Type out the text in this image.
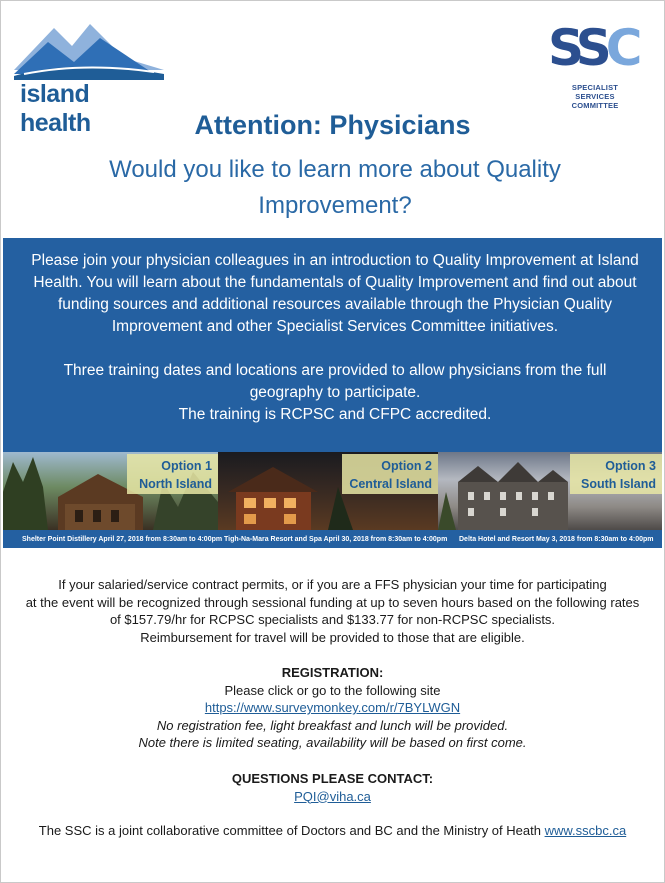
island health
SSC
SPECIALIST SERVICES
COMMITTEE
Attention: Physicians
Would you like to learn more about Quality Improvement?

Please join your physician colleagues in an introduction to Quality Improvement at Island Health. You will learn about the fundamentals of Quality Improvement and find out about funding sources and additional resources available through the Physician Quality Improvement and other Specialist Services Committee initiatives.

Three training dates and locations are provided to allow physicians from the full geography to participate.

The training is RCPSC and CFPC accredited.

Option 1
North Island
Option 2
Central Island
Option 3
South Island
Shelter Point Distillery April 27, 2018 from 8:30am to 4:00pm Tigh-Na-Mara Resort and Spa April 30, 2018 from 8:30am to 4:00pm Delta Hotel and Resort May 3, 2018 from 8:30am to 4:00pm
If your salaried/service contract permits, or if you are a FFS physician your time for participating
at the event will be recognized through sessional funding at up to seven hours based on the following rates
of $157.79/hr for RCPSC specialists and $133.77 for non-RCPSC specialists.
Reimbursement for travel will be provided to those that are eligible.
REGISTRATION:
Please click or go to the following site
https://www.surveymonkey.com/r/7BYLWGN
No registration fee, light breakfast and lunch will be provided.
Note there is limited seating, availability will be based on first come.
QUESTIONS PLEASE CONTACT:
PQI@viha.ca
The SSC is a joint collaborative committee of Doctors and BC and the Ministry of Heath www.sscbc.ca
